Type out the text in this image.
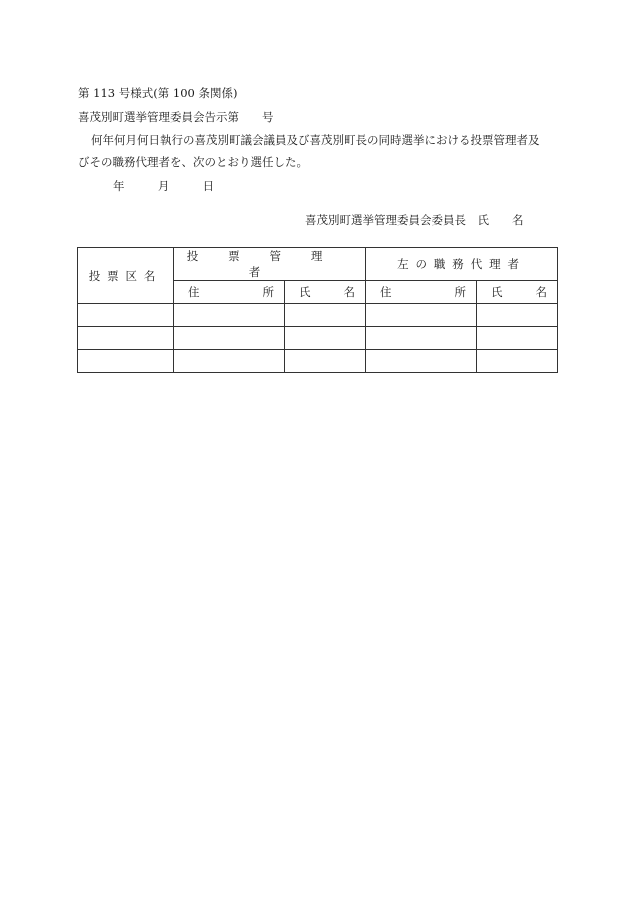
第 113 号様式(第 100 条関係)
喜茂別町選挙管理委員会告示第　　号
何年何月何日執行の喜茂別町議会議員及び喜茂別町長の同時選挙における投票管理者及
びその職務代理者を、次のとおり選任した。
年	月	日
喜茂別町選挙管理委員会委員長　氏　　名
投票区名	投票管理者		左の職務代理者	

	住 所	氏 名	住 所	氏 名
